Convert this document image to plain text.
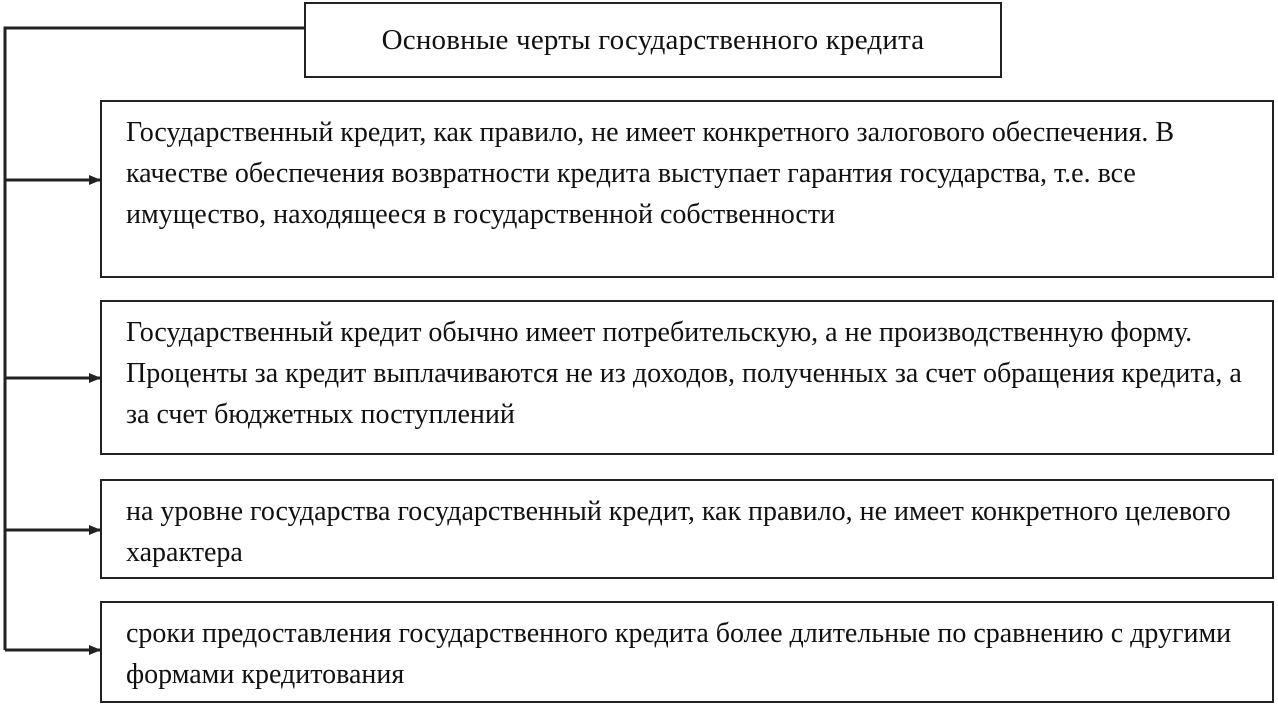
Основные черты государственного кредита
Государственный кредит, как правило, не имеет конкретного залогового обеспечения. В качестве обеспечения возвратности кредита выступает гарантия государства, т.е. все имущество, находящееся в государственной собственности
Государственный кредит обычно имеет потребительскую, а не производственную форму. Проценты за кредит выплачиваются не из доходов, полученных за счет обращения кредита, а за счет бюджетных поступлений
на уровне государства государственный кредит, как правило, не имеет конкретного целевого характера
сроки предоставления государственного кредита более длительные по сравнению с другими формами кредитования
